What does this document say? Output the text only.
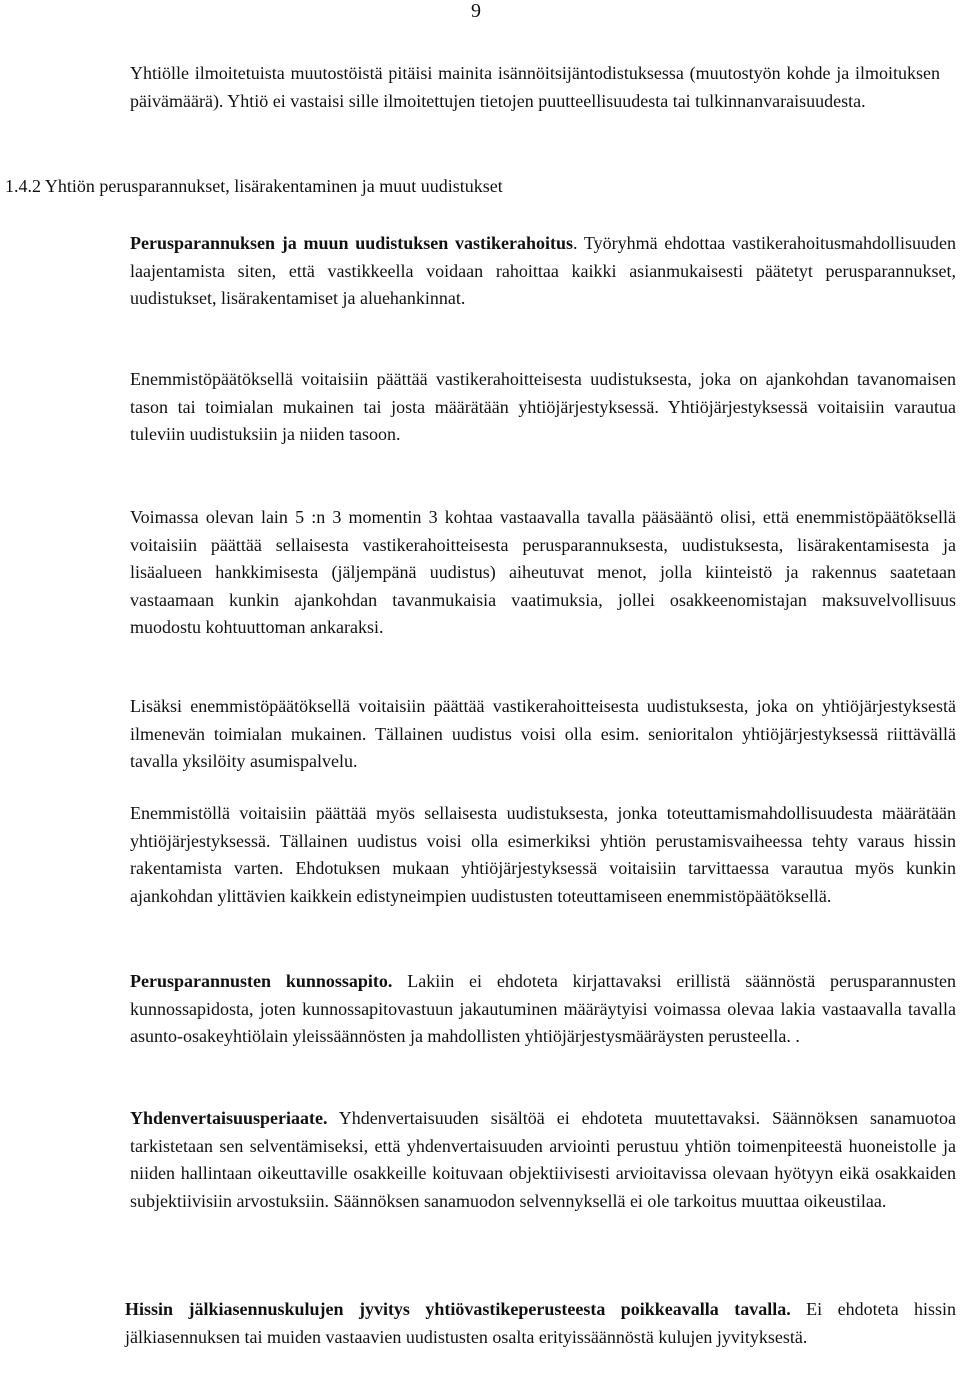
9
Yhtiölle ilmoitetuista muutostöistä pitäisi mainita isännöitsijäntodistuksessa (muutostyön kohde ja ilmoituksen päivämäärä). Yhtiö ei vastaisi sille ilmoitettujen tietojen puutteellisuudesta tai tulkinnanvaraisuudesta.
1.4.2 Yhtiön perusparannukset, lisärakentaminen ja muut uudistukset
Perusparannuksen ja muun uudistuksen vastikerahoitus. Työryhmä ehdottaa vastikerahoitusmahdollisuuden laajentamista siten, että vastikkeella voidaan rahoittaa kaikki asianmukaisesti päätetyt perusparannukset, uudistukset, lisärakentamiset ja aluehankinnat.
Enemmistöpäätöksellä voitaisiin päättää vastikerahoitteisesta uudistuksesta, joka on ajankohdan tavanomaisen tason tai toimialan mukainen tai josta määrätään yhtiöjärjestyksessä. Yhtiöjärjestyksessä voitaisiin varautua tuleviin uudistuksiin ja niiden tasoon.
Voimassa olevan lain 5 :n 3 momentin 3 kohtaa vastaavalla tavalla pääsääntö olisi, että enemmistöpäätöksellä voitaisiin päättää sellaisesta vastikerahoitteisesta perusparannuksesta, uudistuksesta, lisärakentamisesta ja lisäalueen hankkimisesta (jäljempänä uudistus) aiheutuvat menot, jolla kiinteistö ja rakennus saatetaan vastaamaan kunkin ajankohdan tavanmukaisia vaatimuksia, jollei osakkeenomistajan maksuvelvollisuus muodostu kohtuuttoman ankaraksi.
Lisäksi enemmistöpäätöksellä voitaisiin päättää vastikerahoitteisesta uudistuksesta, joka on yhtiöjärjestyksestä ilmenevän toimialan mukainen. Tällainen uudistus voisi olla esim. senioritalon yhtiöjärjestyksessä riittävällä tavalla yksilöity asumispalvelu.
Enemmistöllä voitaisiin päättää myös sellaisesta uudistuksesta, jonka toteuttamismahdollisuudesta määrätään yhtiöjärjestyksessä. Tällainen uudistus voisi olla esimerkiksi yhtiön perustamisvaiheessa tehty varaus hissin rakentamista varten. Ehdotuksen mukaan yhtiöjärjestyksessä voitaisiin tarvittaessa varautua myös kunkin ajankohdan ylittävien kaikkein edistyneimpien uudistusten toteuttamiseen enemmistöpäätöksellä.
Perusparannusten kunnossapito. Lakiin ei ehdoteta kirjattavaksi erillistä säännöstä perusparannusten kunnossapidosta, joten kunnossapitovastuun jakautuminen määräytyisi voimassa olevaa lakia vastaavalla tavalla asunto-osakeyhtiölain yleissäännösten ja mahdollisten yhtiöjärjestysmääräysten perusteella. .
Yhdenvertaisuusperiaate. Yhdenvertaisuuden sisältöä ei ehdoteta muutettavaksi. Säännöksen sanamuotoa tarkistetaan sen selventämiseksi, että yhdenvertaisuuden arviointi perustuu yhtiön toimenpiteestä huoneistolle ja niiden hallintaan oikeuttaville osakkeille koituvaan objektiivisesti arvioitavissa olevaan hyötyyn eikä osakkaiden subjektiivisiin arvostuksiin. Säännöksen sanamuodon selvennyksellä ei ole tarkoitus muuttaa oikeustilaa.
Hissin jälkiasennuskulujen jyvitys yhtiövastikeperusteesta poikkeavalla tavalla. Ei ehdoteta hissin jälkiasennuksen tai muiden vastaavien uudistusten osalta erityissäännöstä kulujen jyvityksestä.
